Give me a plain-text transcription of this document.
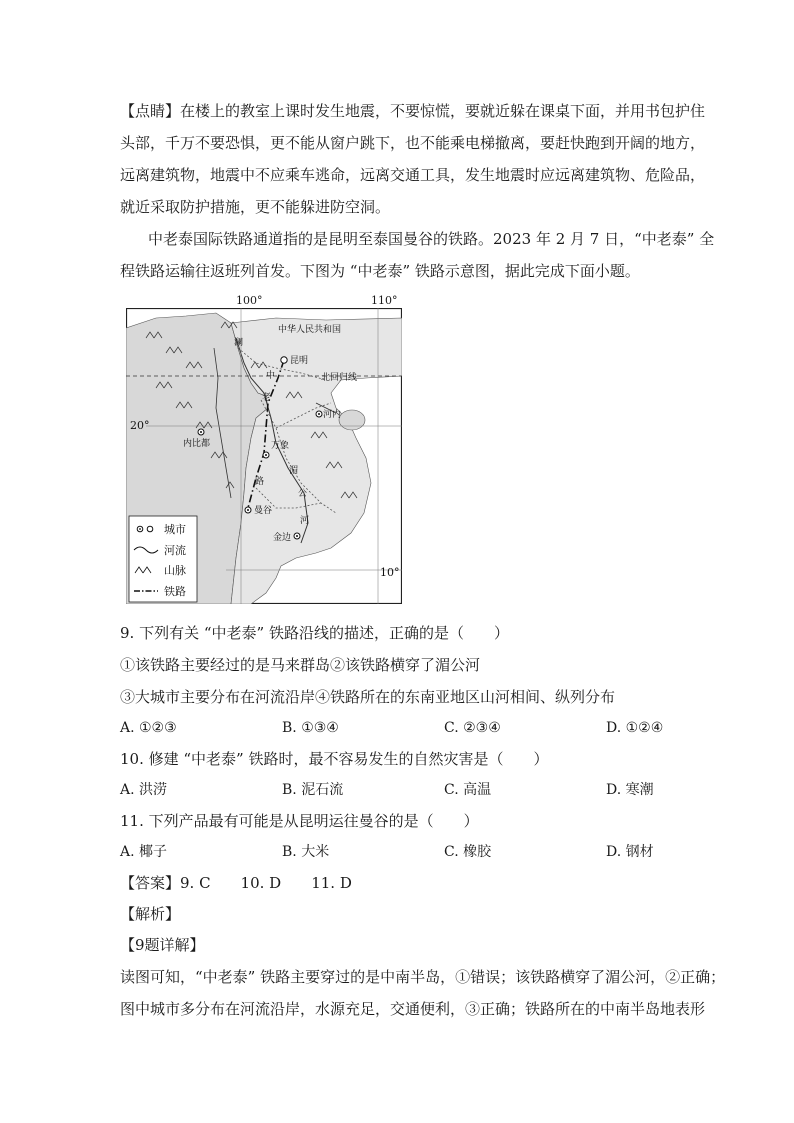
【点睛】在楼上的教室上课时发生地震，不要惊慌，要就近躲在课桌下面，并用书包护住
头部，千万不要恐惧，更不能从窗户跳下，也不能乘电梯撤离，要赶快跑到开阔的地方，
远离建筑物，地震中不应乘车逃命，远离交通工具，发生地震时应远离建筑物、危险品，
就近采取防护措施，更不能躲进防空洞。
中老泰国际铁路通道指的是昆明至泰国曼谷的铁路。2023 年 2 月 7 日，“中老泰” 全
程铁路运输往返班列首发。下图为 “中老泰” 铁路示意图，据此完成下面小题。
100°	110°
中华人民共和国
昆明
北回归线
河内
内比都	万象
曼谷
金边
澜
中
老
湄
公
河
路
城市
河流
山脉
铁路
20°
10°
9. 下列有关 “中老泰” 铁路沿线的描述，正确的是（　　）
①该铁路主要经过的是马来群岛②该铁路横穿了湄公河
③大城市主要分布在河流沿岸④铁路所在的东南亚地区山河相间、纵列分布
A. ①②③	B. ①③④	C. ②③④	D. ①②④
10. 修建 “中老泰” 铁路时，最不容易发生的自然灾害是（　　）
A. 洪涝	B. 泥石流	C. 高温	D. 寒潮
11. 下列产品最有可能是从昆明运往曼谷的是（　　）
A. 椰子	B. 大米	C. 橡胶	D. 钢材
【答案】9. C　　10. D　　11. D
【解析】
【9题详解】
读图可知，“中老泰” 铁路主要穿过的是中南半岛，①错误；该铁路横穿了湄公河，②正确；
图中城市多分布在河流沿岸，水源充足，交通便利，③正确；铁路所在的中南半岛地表形
